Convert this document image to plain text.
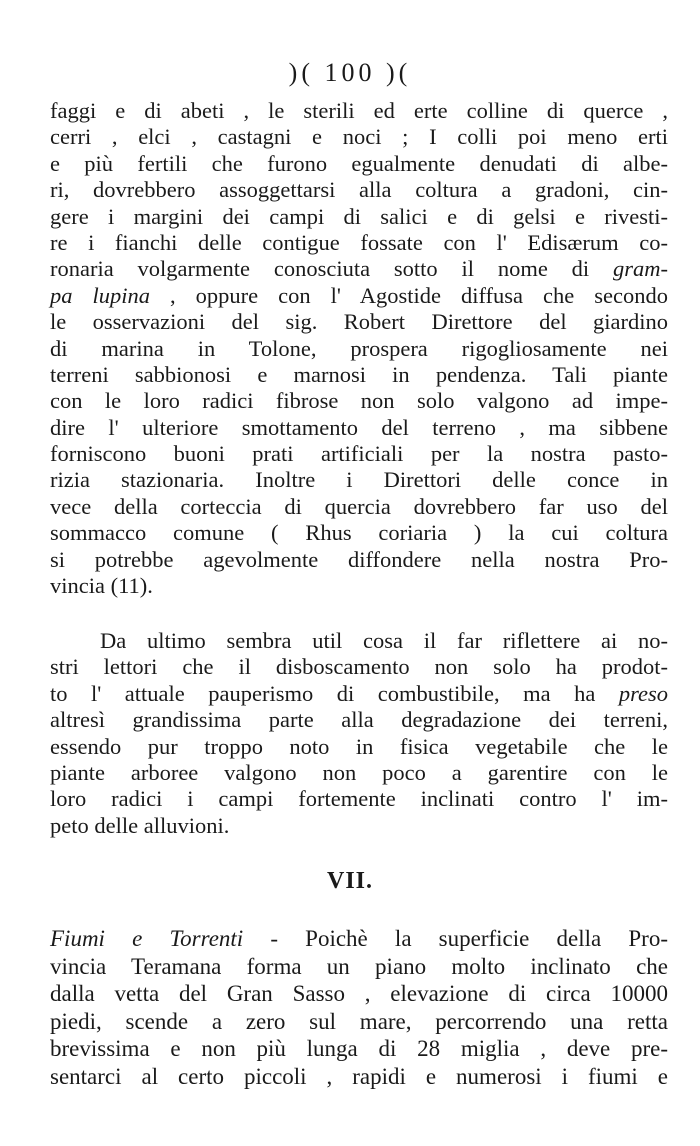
)( 100 )(
faggi e di abeti , le sterili ed erte colline di querce ,
cerri , elci , castagni e noci ; I colli poi meno erti
e più fertili che furono egualmente denudati di albe-
ri, dovrebbero assoggettarsi alla coltura a gradoni, cin-
gere i margini dei campi di salici e di gelsi e rivesti-
re i fianchi delle contigue fossate con l' Edisærum co-
ronaria volgarmente conosciuta sotto il nome di gram-
pa lupina , oppure con l' Agostide diffusa che secondo
le osservazioni del sig. Robert Direttore del giardino
di marina in Tolone, prospera rigogliosamente nei
terreni sabbionosi e marnosi in pendenza. Tali piante
con le loro radici fibrose non solo valgono ad impe-
dire l' ulteriore smottamento del terreno , ma sibbene
forniscono buoni prati artificiali per la nostra pasto-
rizia stazionaria. Inoltre i Direttori delle conce in
vece della corteccia di quercia dovrebbero far uso del
sommacco comune ( Rhus coriaria ) la cui coltura
si potrebbe agevolmente diffondere nella nostra Pro-
vincia (11).
Da ultimo sembra util cosa il far riflettere ai no-
stri lettori che il disboscamento non solo ha prodot-
to l' attuale pauperismo di combustibile, ma ha preso
altresì grandissima parte alla degradazione dei terreni,
essendo pur troppo noto in fisica vegetabile che le
piante arboree valgono non poco a garentire con le
loro radici i campi fortemente inclinati contro l' im-
peto delle alluvioni.
VII.
Fiumi e Torrenti - Poichè la superficie della Pro-
vincia Teramana forma un piano molto inclinato che
dalla vetta del Gran Sasso , elevazione di circa 10000
piedi, scende a zero sul mare, percorrendo una retta
brevissima e non più lunga di 28 miglia , deve pre-
sentarci al certo piccoli , rapidi e numerosi i fiumi e
